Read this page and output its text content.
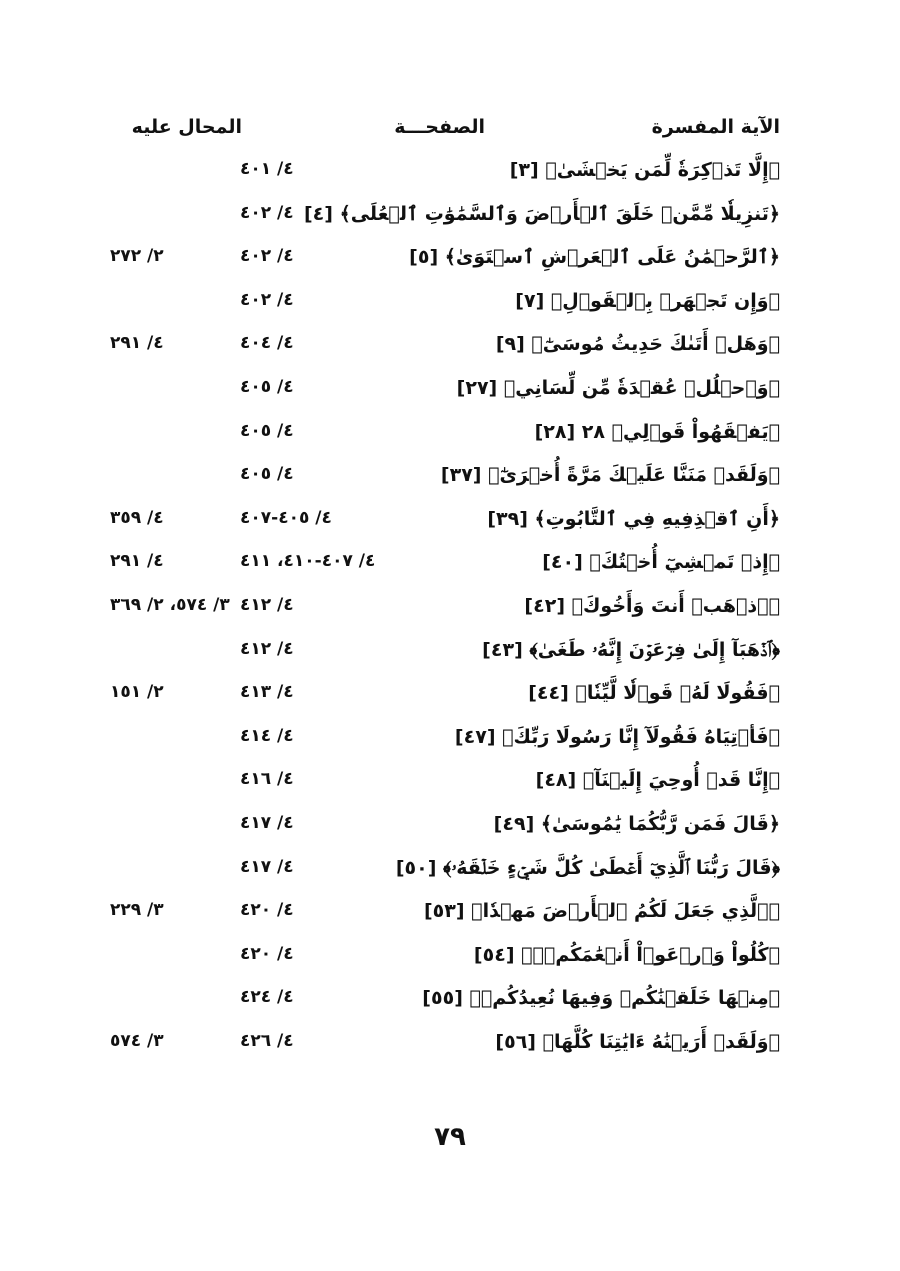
الآية المفسرة
الصفحـــة
المحال عليه
﴿إِلَّا تَذۡكِرَةٗ لِّمَن يَخۡشَىٰ﴾ [٣]
٤/ ٤٠١
﴿تَنزِيلٗا مِّمَّنۡ خَلَقَ ٱلۡأَرۡضَ وَٱلسَّمَٰوَٰتِ ٱلۡعُلَى﴾ [٤]
٤/ ٤٠٢
﴿ٱلرَّحۡمَٰنُ عَلَى ٱلۡعَرۡشِ ٱسۡتَوَىٰ﴾ [٥]
٤/ ٤٠٢
٢/ ٢٧٢
﴿وَإِن تَجۡهَرۡ بِٱلۡقَوۡلِ﴾ [٧]
٤/ ٤٠٢
﴿وَهَلۡ أَتَىٰكَ حَدِيثُ مُوسَىٰٓ﴾ [٩]
٤/ ٤٠٤
٤/ ٢٩١
﴿وَٱحۡلُلۡ عُقۡدَةٗ مِّن لِّسَانِي﴾ [٢٧]
٤/ ٤٠٥
﴿يَفۡقَهُواْ قَوۡلِي﴾ ٢٨ [٢٨]
٤/ ٤٠٥
﴿وَلَقَدۡ مَنَنَّا عَلَيۡكَ مَرَّةً أُخۡرَىٰٓ﴾ [٣٧]
٤/ ٤٠٥
﴿أَنِ ٱقۡذِفِيهِ فِي ٱلتَّابُوتِ﴾ [٣٩]
٤/ ٤٠٥-٤٠٧
٤/ ٣٥٩
﴿إِذۡ تَمۡشِيٓ أُخۡتُكَ﴾ [٤٠]
٤/ ٤٠٧-٤١٠، ٤١١
٤/ ٢٩١
﴿ٱذۡهَبۡ أَنتَ وَأَخُوكَ﴾ [٤٢]
٤/ ٤١٢
٣/ ٥٧٤، ٢/ ٣٦٩
﴿ٱذۡهَبَآ إِلَىٰ فِرۡعَوۡنَ إِنَّهُۥ طَغَىٰ﴾ [٤٣]
٤/ ٤١٢
﴿فَقُولَا لَهُۥ قَوۡلٗا لَّيِّنٗا﴾ [٤٤]
٤/ ٤١٣
٢/ ١٥١
﴿فَأۡتِيَاهُ فَقُولَآ إِنَّا رَسُولَا رَبِّكَ﴾ [٤٧]
٤/ ٤١٤
﴿إِنَّا قَدۡ أُوحِيَ إِلَيۡنَآ﴾ [٤٨]
٤/ ٤١٦
﴿قَالَ فَمَن رَّبُّكُمَا يَٰمُوسَىٰ﴾ [٤٩]
٤/ ٤١٧
﴿قَالَ رَبُّنَا ٱلَّذِيٓ أَعۡطَىٰ كُلَّ شَيۡءٍ خَلۡقَهُۥ﴾ [٥٠]
٤/ ٤١٧
﴿ٱلَّذِي جَعَلَ لَكُمُ ٱلۡأَرۡضَ مَهۡدٗا﴾ [٥٣]
٤/ ٤٢٠
٣/ ٢٢٩
﴿كُلُواْ وَٱرۡعَوۡاْ أَنۡعَٰمَكُمۡۚ﴾ [٥٤]
٤/ ٤٢٠
﴿مِنۡهَا خَلَقۡنَٰكُمۡ وَفِيهَا نُعِيدُكُمۡ﴾ [٥٥]
٤/ ٤٢٤
﴿وَلَقَدۡ أَرَيۡنَٰهُ ءَايَٰتِنَا كُلَّهَا﴾ [٥٦]
٤/ ٤٢٦
٣/ ٥٧٤
٧٩
